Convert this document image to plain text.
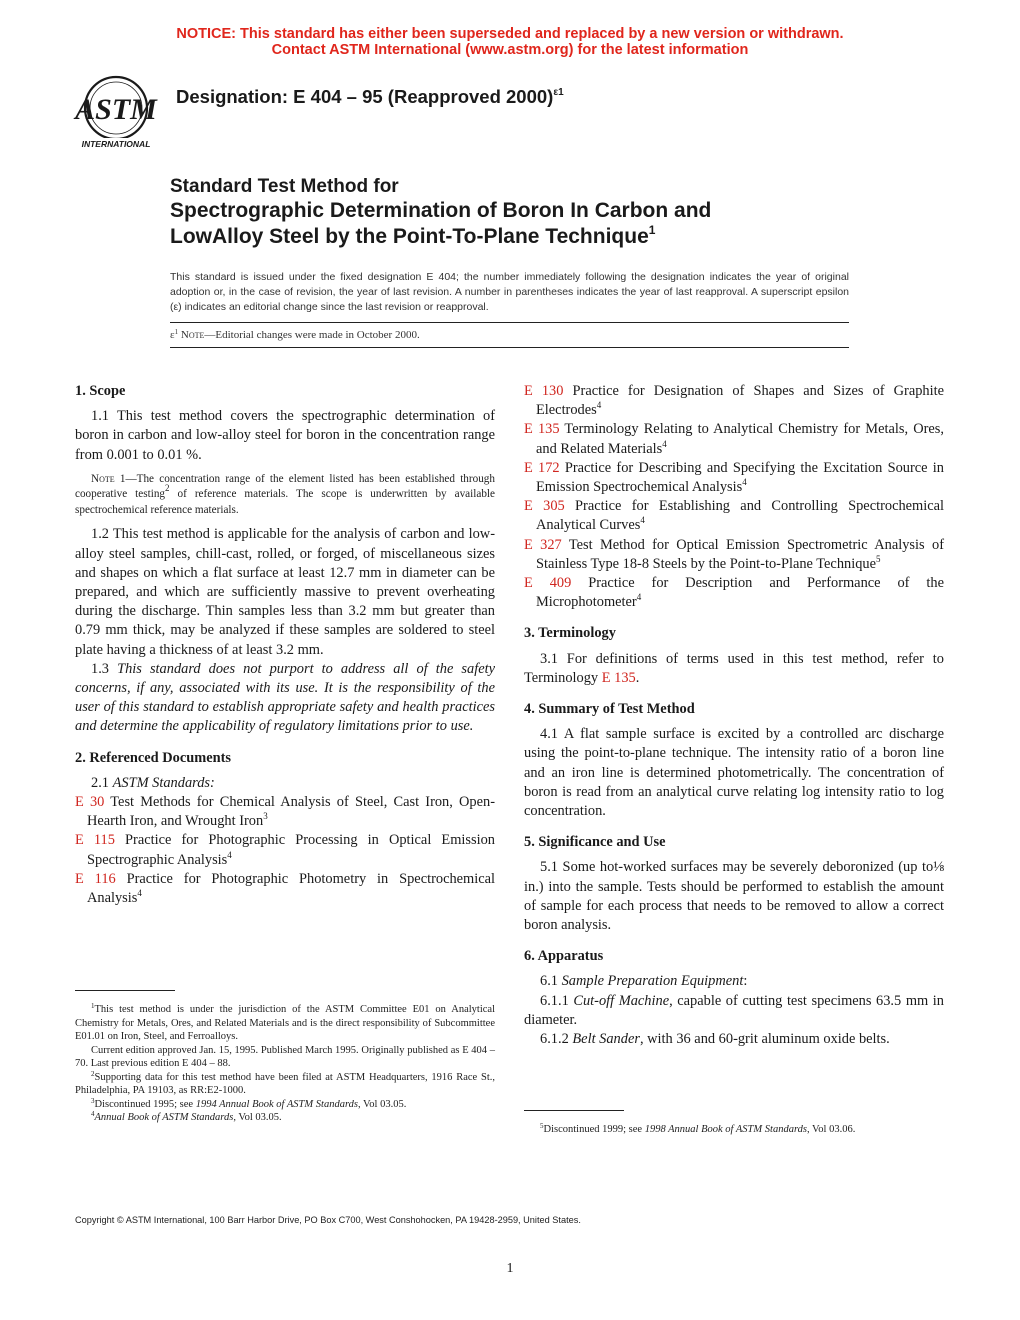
NOTICE: This standard has either been superseded and replaced by a new version or withdrawn.
Contact ASTM International (www.astm.org) for the latest information
ASTM
INTERNATIONAL
Designation: E 404 – 95 (Reapproved 2000)$^{\varepsilon 1}$
Standard Test Method for
Spectrographic Determination of Boron In Carbon and
LowAlloy Steel by the Point-To-Plane Technique$^1$
This standard is issued under the fixed designation E 404; the number immediately following the designation indicates the year of original adoption or, in the case of revision, the year of last revision. A number in parentheses indicates the year of last reapproval. A superscript epsilon (ε) indicates an editorial change since the last revision or reapproval.
$\varepsilon^1$ Note—Editorial changes were made in October 2000.
1. Scope

1.1 This test method covers the spectrographic determination of boron in carbon and low-alloy steel for boron in the concentration range from 0.001 to 0.01 %.

Note 1—The concentration range of the element listed has been established through cooperative testing$^2$ of reference materials. The scope is underwritten by available spectrochemical reference materials.

1.2 This test method is applicable for the analysis of carbon and low-alloy steel samples, chill-cast, rolled, or forged, of miscellaneous sizes and shapes on which a flat surface at least 12.7 mm in diameter can be prepared, and which are sufficiently massive to prevent overheating during the discharge. Thin samples less than 3.2 mm but greater than 0.79 mm thick, may be analyzed if these samples are soldered to steel plate having a thickness of at least 3.2 mm.

1.3 This standard does not purport to address all of the safety concerns, if any, associated with its use. It is the responsibility of the user of this standard to establish appropriate safety and health practices and determine the applicability of regulatory limitations prior to use.

2. Referenced Documents

2.1 ASTM Standards:

E 30 Test Methods for Chemical Analysis of Steel, Cast Iron, Open-Hearth Iron, and Wrought Iron$^3$

E 115 Practice for Photographic Processing in Optical Emission Spectrographic Analysis$^4$

E 116 Practice for Photographic Photometry in Spectrochemical Analysis$^4$

$^1$This test method is under the jurisdiction of the ASTM Committee E01 on Analytical Chemistry for Metals, Ores, and Related Materials and is the direct responsibility of Subcommittee E01.01 on Iron, Steel, and Ferroalloys.

Current edition approved Jan. 15, 1995. Published March 1995. Originally published as E 404 – 70. Last previous edition E 404 – 88.

$^2$Supporting data for this test method have been filed at ASTM Headquarters, 1916 Race St., Philadelphia, PA 19103, as RR:E2-1000.

$^3$Discontinued 1995; see 1994 Annual Book of ASTM Standards, Vol 03.05.

$^4$Annual Book of ASTM Standards, Vol 03.05.

E 130 Practice for Designation of Shapes and Sizes of Graphite Electrodes$^4$

E 135 Terminology Relating to Analytical Chemistry for Metals, Ores, and Related Materials$^4$

E 172 Practice for Describing and Specifying the Excitation Source in Emission Spectrochemical Analysis$^4$

E 305 Practice for Establishing and Controlling Spectrochemical Analytical Curves$^4$

E 327 Test Method for Optical Emission Spectrometric Analysis of Stainless Type 18-8 Steels by the Point-to-Plane Technique$^5$

E 409 Practice for Description and Performance of the Microphotometer$^4$

3. Terminology

3.1 For definitions of terms used in this test method, refer to Terminology E 135.

4. Summary of Test Method

4.1 A flat sample surface is excited by a controlled arc discharge using the point-to-plane technique. The intensity ratio of a boron line and an iron line is determined photometrically. The concentration of boron is read from an analytical curve relating log intensity ratio to log concentration.

5. Significance and Use

5.1 Some hot-worked surfaces may be severely deboronized (up to⅛ in.) into the sample. Tests should be performed to establish the amount of sample for each process that needs to be removed to allow a correct boron analysis.

6. Apparatus

6.1 Sample Preparation Equipment:

6.1.1 Cut-off Machine, capable of cutting test specimens 63.5 mm in diameter.

6.1.2 Belt Sander, with 36 and 60-grit aluminum oxide belts.

$^5$Discontinued 1999; see 1998 Annual Book of ASTM Standards, Vol 03.06.

Copyright © ASTM International, 100 Barr Harbor Drive, PO Box C700, West Conshohocken, PA 19428-2959, United States.
1
